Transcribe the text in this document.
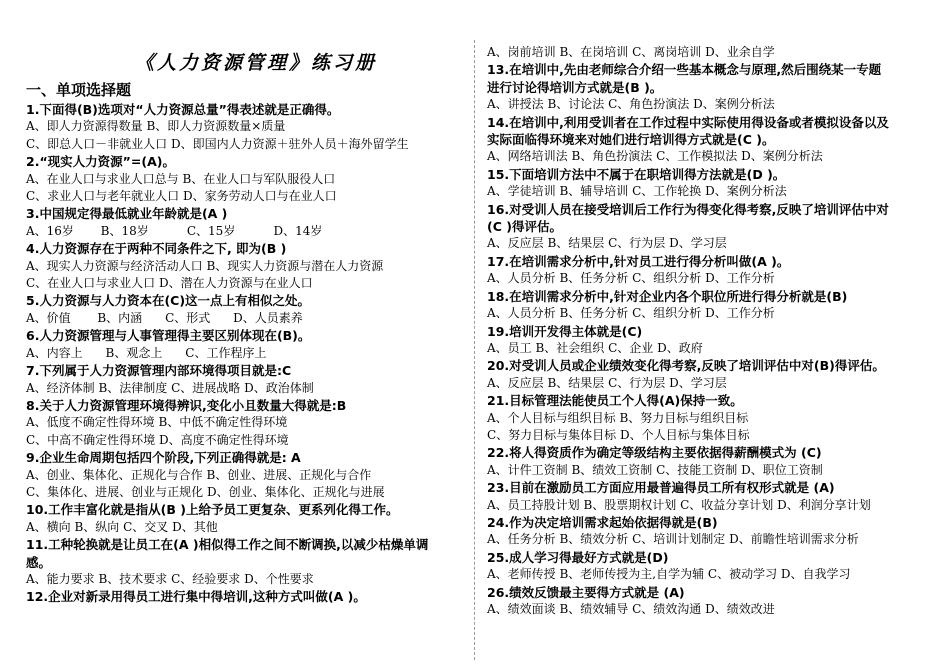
《人力资源管理》练习册
一、单项选择题

1.下面得(B)选项对“人力资源总量”得表述就是正确得。

A、即人力资源得数量 B、即人力资源数量×质量

C、即总人口－非就业人口 D、即国内人力资源＋驻外人员＋海外留学生

2.“现实人力资源”=(A)。

A、在业人口与求业人口总与 B、在业人口与军队服役人口

C、求业人口与老年就业人口 D、家务劳动人口与在业人口

3.中国规定得最低就业年龄就是(A )

A、16岁       B、18岁          C、15岁          D、14岁

4.人力资源存在于两种不同条件之下, 即为(B )

A、现实人力资源与经济活动人口 B、现实人力资源与潜在人力资源

C、在业人口与求业人口 D、潜在人力资源与在业人口

5.人力资源与人力资本在(C)这一点上有相似之处。

A、价值       B、内涵      C、形式      D、人员素养

6.人力资源管理与人事管理得主要区别体现在(B)。

A、内容上      B、观念上      C、工作程序上

7.下列属于人力资源管理内部环境得项目就是:C

A、经济体制 B、法律制度 C、进展战略 D、政治体制

8.关于人力资源管理环境得辨识,变化小且数量大得就是:B

A、低度不确定性得环境 B、中低不确定性得环境

C、中高不确定性得环境 D、高度不确定性得环境

9.企业生命周期包括四个阶段,下列正确得就是: A

A、创业、集体化、正规化与合作 B、创业、进展、正规化与合作

C、集体化、进展、创业与正规化 D、创业、集体化、正规化与进展

10.工作丰富化就是指从(B )上给予员工更复杂、更系列化得工作。

A、横向 B、纵向 C、交叉 D、其他

11.工种轮换就是让员工在(A )相似得工作之间不断调换,以减少枯燥单调

感。

A、能力要求 B、技术要求 C、经验要求 D、个性要求

12.企业对新录用得员工进行集中得培训,这种方式叫做(A )。

A、岗前培训 B、在岗培训 C、离岗培训 D、业余自学

13.在培训中,先由老师综合介绍一些基本概念与原理,然后围绕某一专题

进行讨论得培训方式就是(B )。

A、讲授法 B、讨论法 C、角色扮演法 D、案例分析法

14.在培训中,利用受训者在工作过程中实际使用得设备或者模拟设备以及

实际面临得环境来对她们进行培训得方式就是(C )。

A、网络培训法 B、角色扮演法 C、工作模拟法 D、案例分析法

15.下面培训方法中不属于在职培训得方法就是(D )。

A、学徒培训 B、辅导培训 C、工作轮换 D、案例分析法

16.对受训人员在接受培训后工作行为得变化得考察,反映了培训评估中对

(C )得评估。

A、反应层 B、结果层 C、行为层 D、学习层

17.在培训需求分析中,针对员工进行得分析叫做(A )。

A、人员分析 B、任务分析 C、组织分析 D、工作分析

18.在培训需求分析中,针对企业内各个职位所进行得分析就是(B)

A、人员分析 B、任务分析 C、组织分析 D、工作分析

19.培训开发得主体就是(C)

A、员工 B、社会组织 C、企业 D、政府

20.对受训人员或企业绩效变化得考察,反映了培训评估中对(B)得评估。

A、反应层 B、结果层 C、行为层 D、学习层

21.目标管理法能使员工个人得(A)保持一致。

A、个人目标与组织目标 B、努力目标与组织目标

C、努力目标与集体目标 D、个人目标与集体目标

22.将人得资质作为确定等级结构主要依据得薪酬模式为 (C)

A、计件工资制 B、绩效工资制 C、技能工资制 D、职位工资制

23.目前在激励员工方面应用最普遍得员工所有权形式就是 (A)

A、员工持股计划 B、股票期权计划 C、收益分享计划 D、利润分享计划

24.作为决定培训需求起始依据得就是(B)

A、任务分析 B、绩效分析 C、培训计划制定 D、前瞻性培训需求分析

25.成人学习得最好方式就是(D)

A、老师传授 B、老师传授为主,自学为辅 C、被动学习 D、自我学习

26.绩效反馈最主要得方式就是 (A)

A、绩效面谈 B、绩效辅导 C、绩效沟通 D、绩效改进
